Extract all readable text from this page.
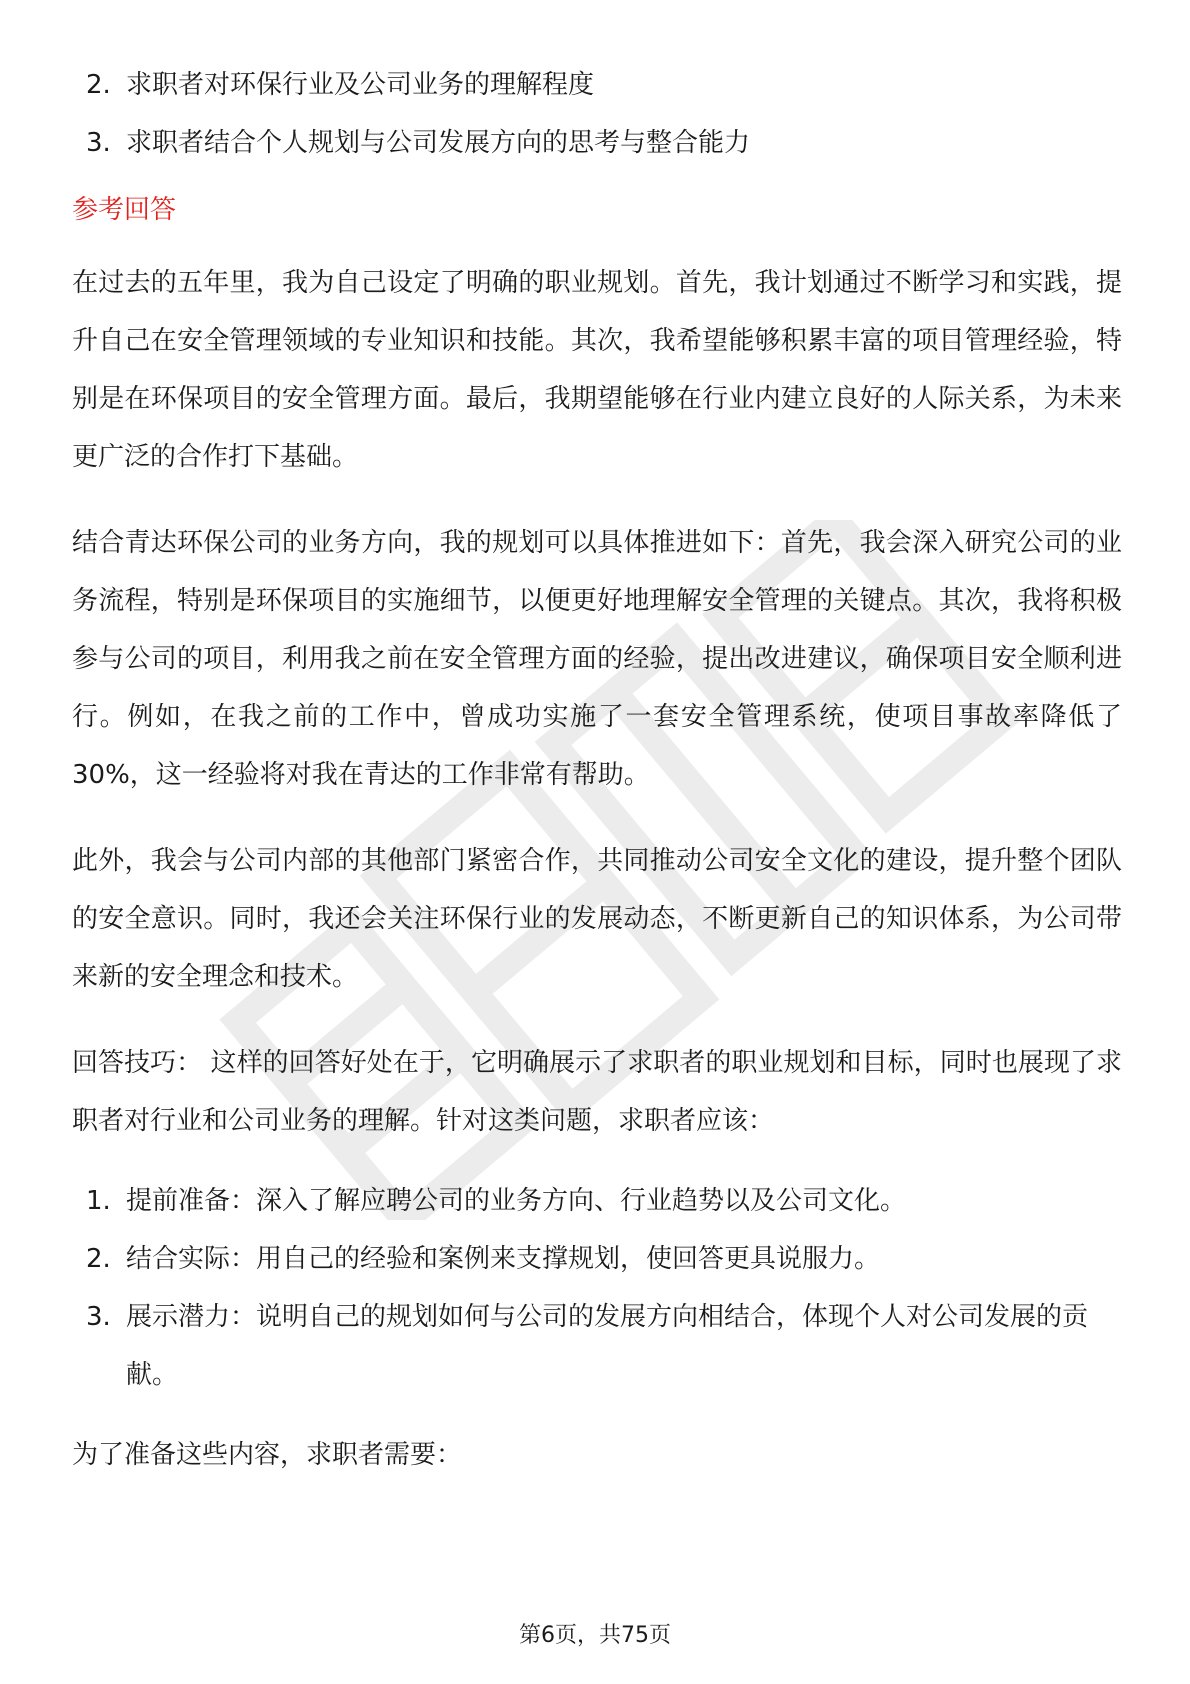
2. 求职者对环保行业及公司业务的理解程度
3. 求职者结合个人规划与公司发展方向的思考与整合能力
参考回答

在过去的五年里，我为自己设定了明确的职业规划。首先，我计划通过不断学习和实践，提升自己在安全管理领域的专业知识和技能。其次，我希望能够积累丰富的项目管理经验，特别是在环保项目的安全管理方面。最后，我期望能够在行业内建立良好的人际关系，为未来更广泛的合作打下基础。

结合青达环保公司的业务方向，我的规划可以具体推进如下：首先，我会深入研究公司的业务流程，特别是环保项目的实施细节，以便更好地理解安全管理的关键点。其次，我将积极参与公司的项目，利用我之前在安全管理方面的经验，提出改进建议，确保项目安全顺利进行。例如，在我之前的工作中，曾成功实施了一套安全管理系统，使项目事故率降低了30%，这一经验将对我在青达的工作非常有帮助。

此外，我会与公司内部的其他部门紧密合作，共同推动公司安全文化的建设，提升整个团队的安全意识。同时，我还会关注环保行业的发展动态，不断更新自己的知识体系，为公司带来新的安全理念和技术。

回答技巧： 这样的回答好处在于，它明确展示了求职者的职业规划和目标，同时也展现了求职者对行业和公司业务的理解。针对这类问题，求职者应该：

1. 提前准备：深入了解应聘公司的业务方向、行业趋势以及公司文化。
2. 结合实际：用自己的经验和案例来支撑规划，使回答更具说服力。
3. 展示潜力：说明自己的规划如何与公司的发展方向相结合，体现个人对公司发展的贡献。

为了准备这些内容，求职者需要：

第6页，共75页
